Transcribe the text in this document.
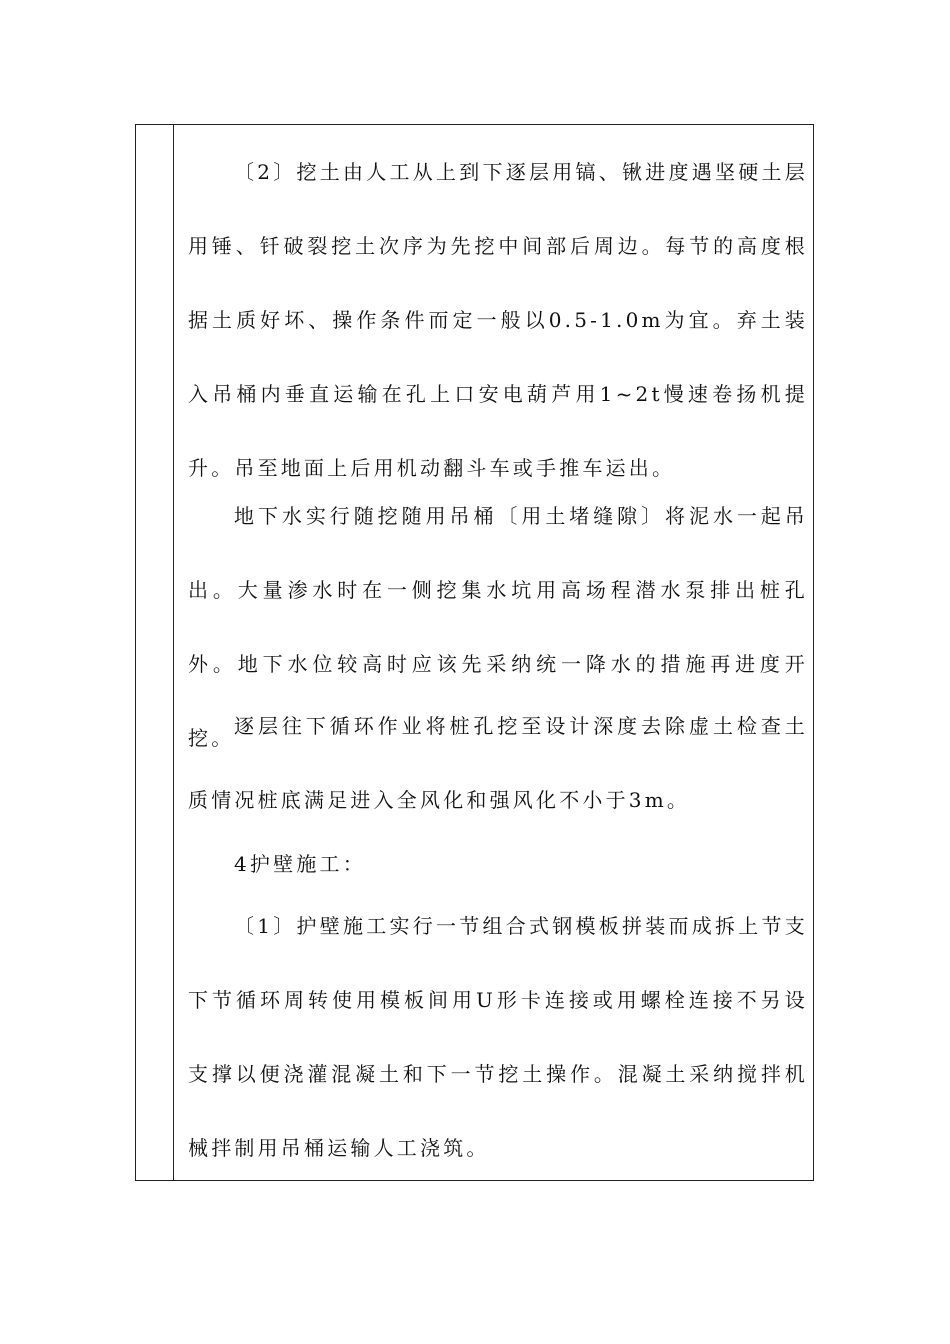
〔2〕挖土由人工从上到下逐层用镐、锹进度遇坚硬土层用锤、钎破裂挖土次序为先挖中间部后周边。每节的高度根据土质好坏、操作条件而定一般以0.5-1.0m为宜。弃土装入吊桶内垂直运输在孔上口安电葫芦用1~2t慢速卷扬机提升。吊至地面上后用机动翻斗车或手推车运出。

地下水实行随挖随用吊桶〔用土堵缝隙〕将泥水一起吊出。大量渗水时在一侧挖集水坑用高场程潜水泵排出桩孔外。地下水位较高时应该先采纳统一降水的措施再进度开挖。 逐层往下循环作业将桩孔挖至设计深度去除虚土检查土质情况桩底满足进入全风化和强风化不小于3m。

4护壁施工：

〔1〕护壁施工实行一节组合式钢模板拼装而成拆上节支下节循环周转使用模板间用U形卡连接或用螺栓连接不另设支撑以便浇灌混凝土和下一节挖土操作。混凝土采纳搅拌机械拌制用吊桶运输人工浇筑。
